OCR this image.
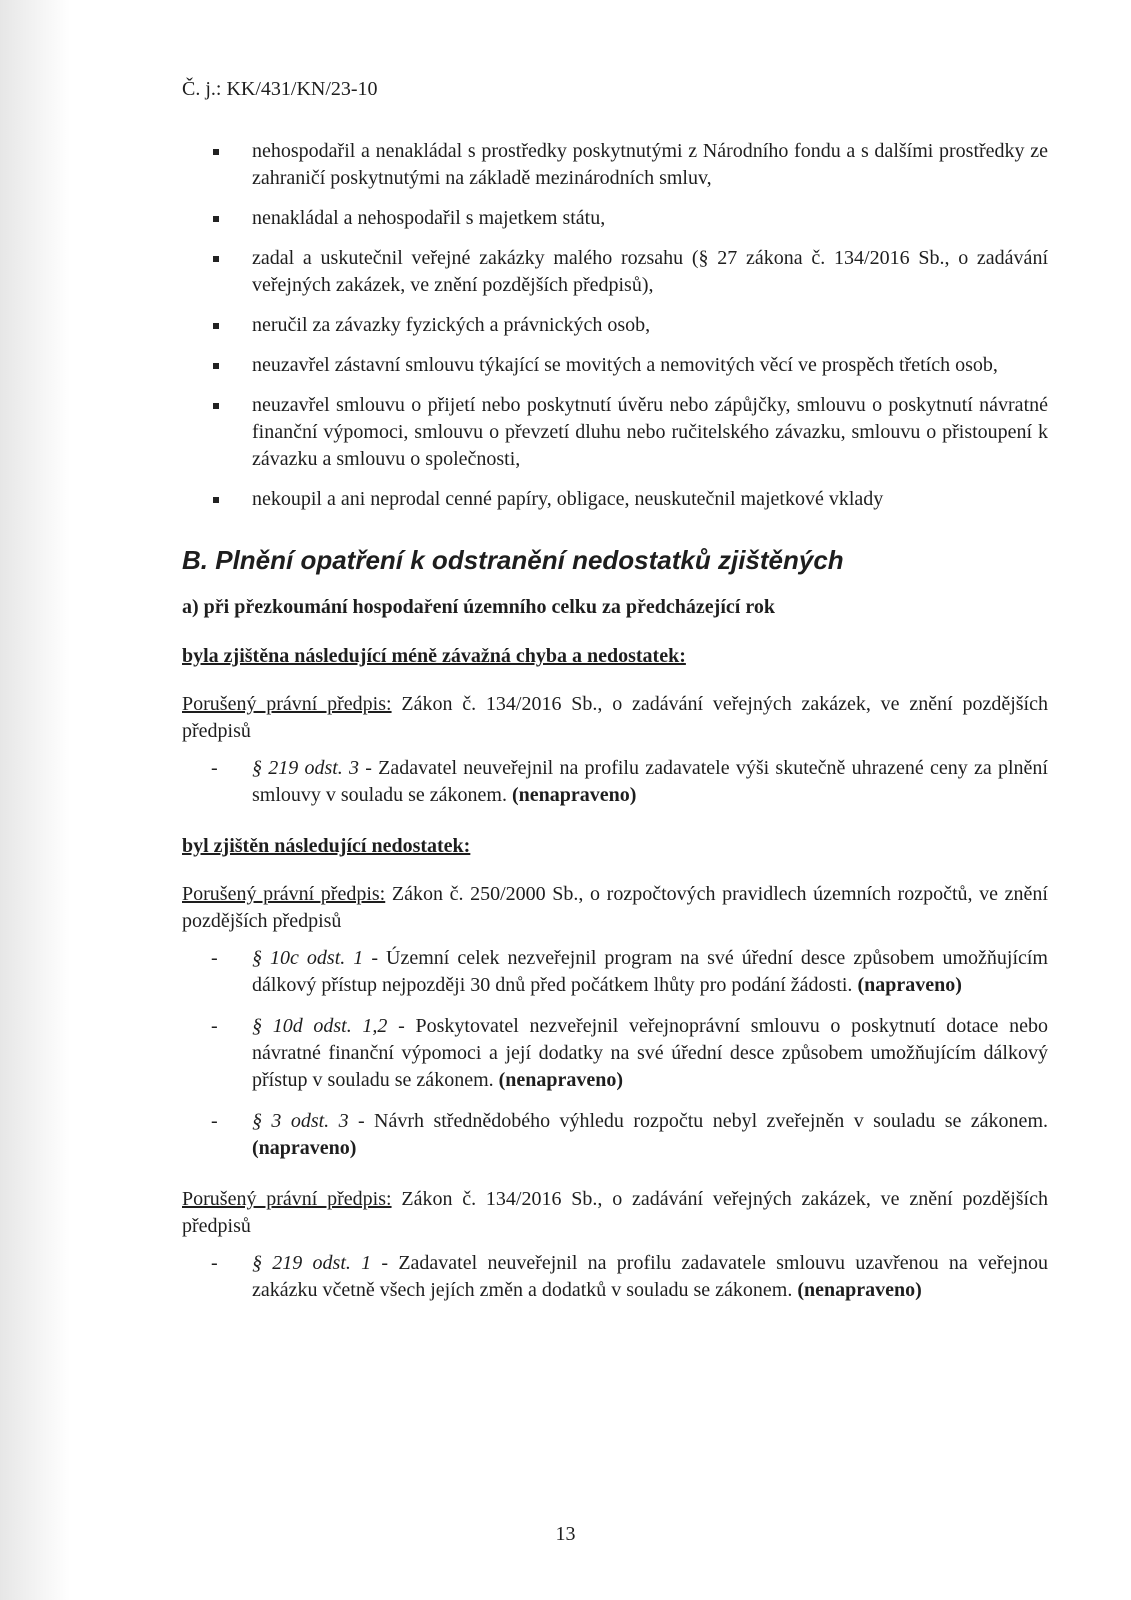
Č. j.: KK/431/KN/23-10
nehospodařil a nenakládal s prostředky poskytnutými z Národního fondu a s dalšími prostředky ze zahraničí poskytnutými na základě mezinárodních smluv,
nenakládal a nehospodařil s majetkem státu,
zadal a uskutečnil veřejné zakázky malého rozsahu (§ 27 zákona č. 134/2016 Sb., o zadávání veřejných zakázek, ve znění pozdějších předpisů),
neručil za závazky fyzických a právnických osob,
neuzavřel zástavní smlouvu týkající se movitých a nemovitých věcí ve prospěch třetích osob,
neuzavřel smlouvu o přijetí nebo poskytnutí úvěru nebo zápůjčky, smlouvu o poskytnutí návratné finanční výpomoci, smlouvu o převzetí dluhu nebo ručitelského závazku, smlouvu o přistoupení k závazku a smlouvu o společnosti,
nekoupil a ani neprodal cenné papíry, obligace, neuskutečnil majetkové vklady
B. Plnění opatření k odstranění nedostatků zjištěných
a) při přezkoumání hospodaření územního celku za předcházející rok
byla zjištěna následující méně závažná chyba a nedostatek:
Porušený právní předpis: Zákon č. 134/2016 Sb., o zadávání veřejných zakázek, ve znění pozdějších předpisů
- § 219 odst. 3 - Zadavatel neuveřejnil na profilu zadavatele výši skutečně uhrazené ceny za plnění smlouvy v souladu se zákonem. (nenapraveno)
byl zjištěn následující nedostatek:
Porušený právní předpis: Zákon č. 250/2000 Sb., o rozpočtových pravidlech územních rozpočtů, ve znění pozdějších předpisů
- § 10c odst. 1 - Územní celek nezveřejnil program na své úřední desce způsobem umožňujícím dálkový přístup nejpozději 30 dnů před počátkem lhůty pro podání žádosti. (napraveno)
- § 10d odst. 1,2 - Poskytovatel nezveřejnil veřejnoprávní smlouvu o poskytnutí dotace nebo návratné finanční výpomoci a její dodatky na své úřední desce způsobem umožňujícím dálkový přístup v souladu se zákonem. (nenapraveno)
- § 3 odst. 3 - Návrh střednědobého výhledu rozpočtu nebyl zveřejněn v souladu se zákonem. (napraveno)
Porušený právní předpis: Zákon č. 134/2016 Sb., o zadávání veřejných zakázek, ve znění pozdějších předpisů
- § 219 odst. 1 - Zadavatel neuveřejnil na profilu zadavatele smlouvu uzavřenou na veřejnou zakázku včetně všech jejích změn a dodatků v souladu se zákonem. (nenapraveno)
13
